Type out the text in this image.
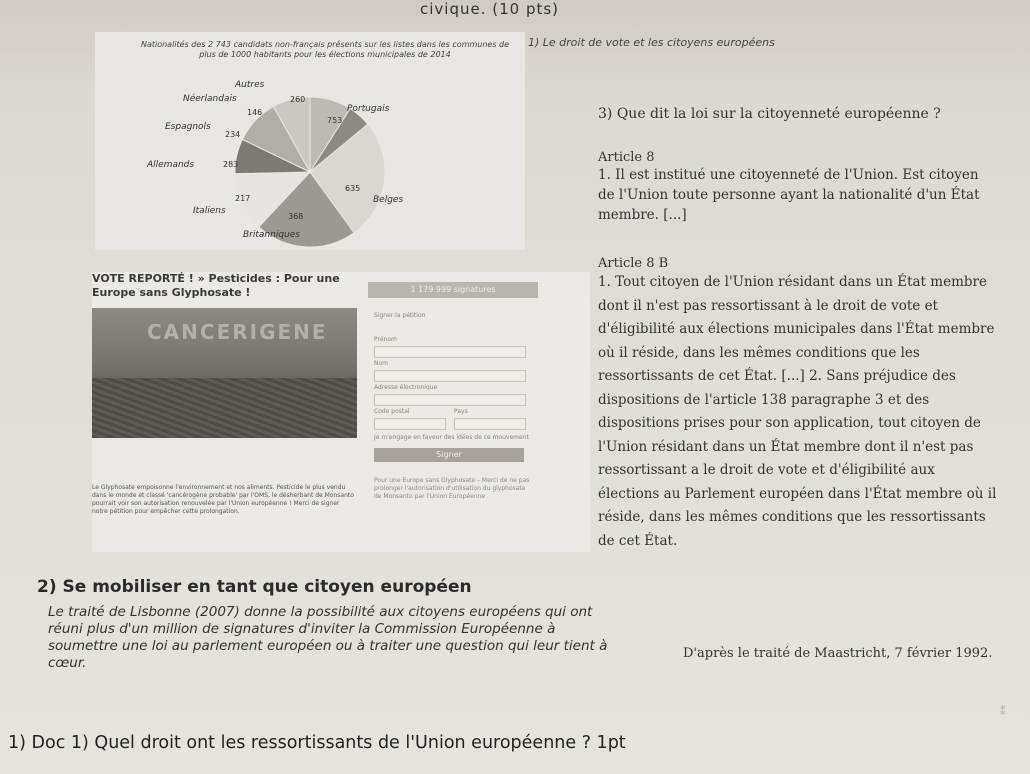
civique. (10 pts)
Nationalités des 2 743 candidats non-français présents sur les listes dans les communes de plus de 1000 habitants pour les élections municipales de 2014
Autres
Néerlandais
Portugais
Espagnols
Allemands
Belges
Italiens
Britanniques
260
146
753
234
283
635
217
368
VOTE REPORTÉ ! » Pesticides : Pour une
Europe sans Glyphosate !	1 179 999 signatures
CANCERIGENE
Le Glyphosate empoisonne l'environnement et nos aliments. Pesticide le plus vendu dans le monde et classé 'cancérogène probable' par l'OMS, le désherbant de Monsanto pourrait voir son autorisation renouvelée par l'Union européenne ! Merci de signer notre pétition pour empêcher cette prolongation.
Signer la pétition
Prénom
Nom
Adresse électronique
Code postal	Pays
Je m'engage en faveur des idées de ce mouvement
Signer
Pour une Europe sans Glyphosate – Merci de ne pas prolonger l'autorisation d'utilisation du glyphosate de Monsanto par l'Union Européenne
2) Se mobiliser en tant que citoyen européen
Le traité de Lisbonne (2007) donne la possibilité aux citoyens européens qui ont réuni plus d'un million de signatures d'inviter la Commission Européenne à soumettre une loi au parlement européen ou à traiter une question qui leur tient à cœur.
1) Le droit de vote et les citoyens européens
3) Que dit la loi sur la citoyenneté européenne ?
Article 8
1. Il est institué une citoyenneté de l'Union. Est citoyen de l'Union toute personne ayant la nationalité d'un État membre. [...]
Article 8 B
1. Tout citoyen de l'Union résidant dans un État membre dont il n'est pas ressortissant à le droit de vote et d'éligibilité aux élections municipales dans l'État membre où il réside, dans les mêmes conditions que les ressortissants de cet État. [...] 2. Sans préjudice des dispositions de l'article 138 paragraphe 3 et des dispositions prises pour son application, tout citoyen de l'Union résidant dans un État membre dont il n'est pas ressortissant a le droit de vote et d'éligibilité aux élections au Parlement européen dans l'État membre où il réside, dans les mêmes conditions que les ressortissants de cet État.
D'après le traité de Maastricht, 7 février 1992.
1) Doc 1) Quel droit ont les ressortissants de l'Union européenne ? 1pt
⁑
